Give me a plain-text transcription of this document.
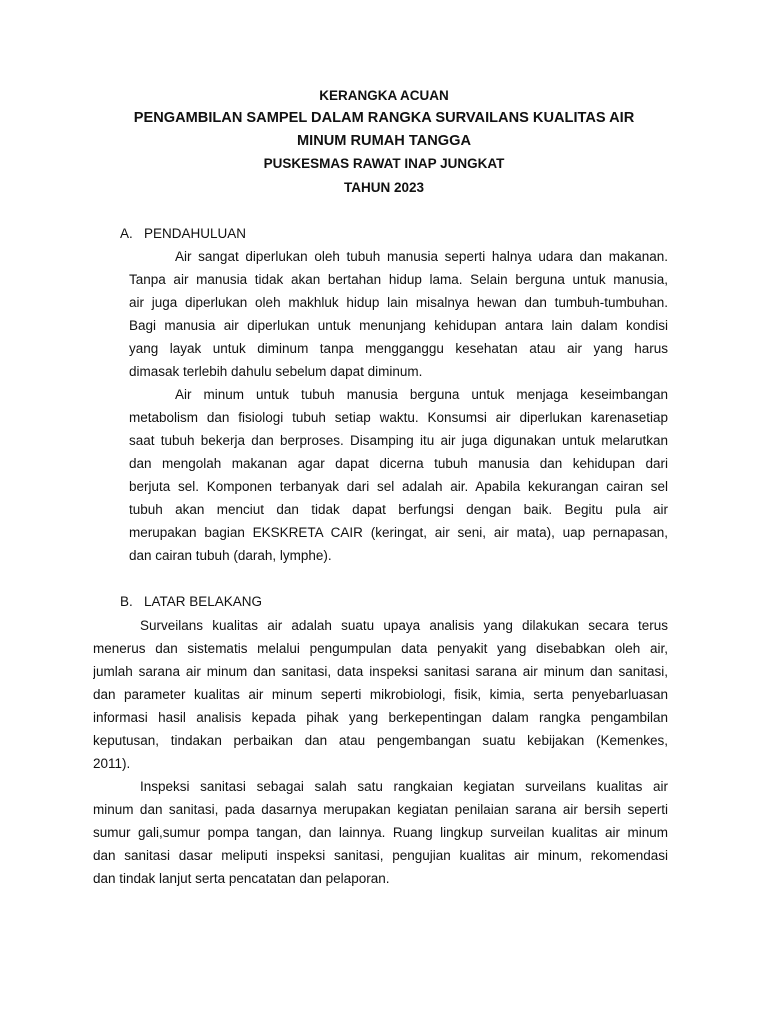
KERANGKA ACUAN
PENGAMBILAN SAMPEL DALAM RANGKA SURVAILANS KUALITAS AIR
MINUM RUMAH TANGGA
PUSKESMAS RAWAT INAP JUNGKAT
TAHUN 2023
A. PENDAHULUAN
Air sangat diperlukan oleh tubuh manusia seperti halnya udara dan makanan.
Tanpa air manusia tidak akan bertahan hidup lama. Selain berguna untuk manusia,
air juga diperlukan oleh makhluk hidup lain misalnya hewan dan tumbuh-tumbuhan.
Bagi manusia air diperlukan untuk menunjang kehidupan antara lain dalam kondisi
yang layak untuk diminum tanpa mengganggu kesehatan atau air yang harus
dimasak terlebih dahulu sebelum dapat diminum.
Air minum untuk tubuh manusia berguna untuk menjaga keseimbangan
metabolism dan fisiologi tubuh setiap waktu. Konsumsi air diperlukan karenasetiap
saat tubuh bekerja dan berproses. Disamping itu air juga digunakan untuk melarutkan
dan mengolah makanan agar dapat dicerna tubuh manusia dan kehidupan dari
berjuta sel. Komponen terbanyak dari sel adalah air. Apabila kekurangan cairan sel
tubuh akan menciut dan tidak dapat berfungsi dengan baik. Begitu pula air
merupakan bagian EKSKRETA CAIR (keringat, air seni, air mata), uap pernapasan,
dan cairan tubuh (darah, lymphe).
B. LATAR BELAKANG
Surveilans kualitas air adalah suatu upaya analisis yang dilakukan secara terus
menerus dan sistematis melalui pengumpulan data penyakit yang disebabkan oleh air,
jumlah sarana air minum dan sanitasi, data inspeksi sanitasi sarana air minum dan sanitasi,
dan parameter kualitas air minum seperti mikrobiologi, fisik, kimia, serta penyebarluasan
informasi hasil analisis kepada pihak yang berkepentingan dalam rangka pengambilan
keputusan, tindakan perbaikan dan atau pengembangan suatu kebijakan (Kemenkes,
2011).
Inspeksi sanitasi sebagai salah satu rangkaian kegiatan surveilans kualitas air
minum dan sanitasi, pada dasarnya merupakan kegiatan penilaian sarana air bersih seperti
sumur gali,sumur pompa tangan, dan lainnya. Ruang lingkup surveilan kualitas air minum
dan sanitasi dasar meliputi inspeksi sanitasi, pengujian kualitas air minum, rekomendasi
dan tindak lanjut serta pencatatan dan pelaporan.
